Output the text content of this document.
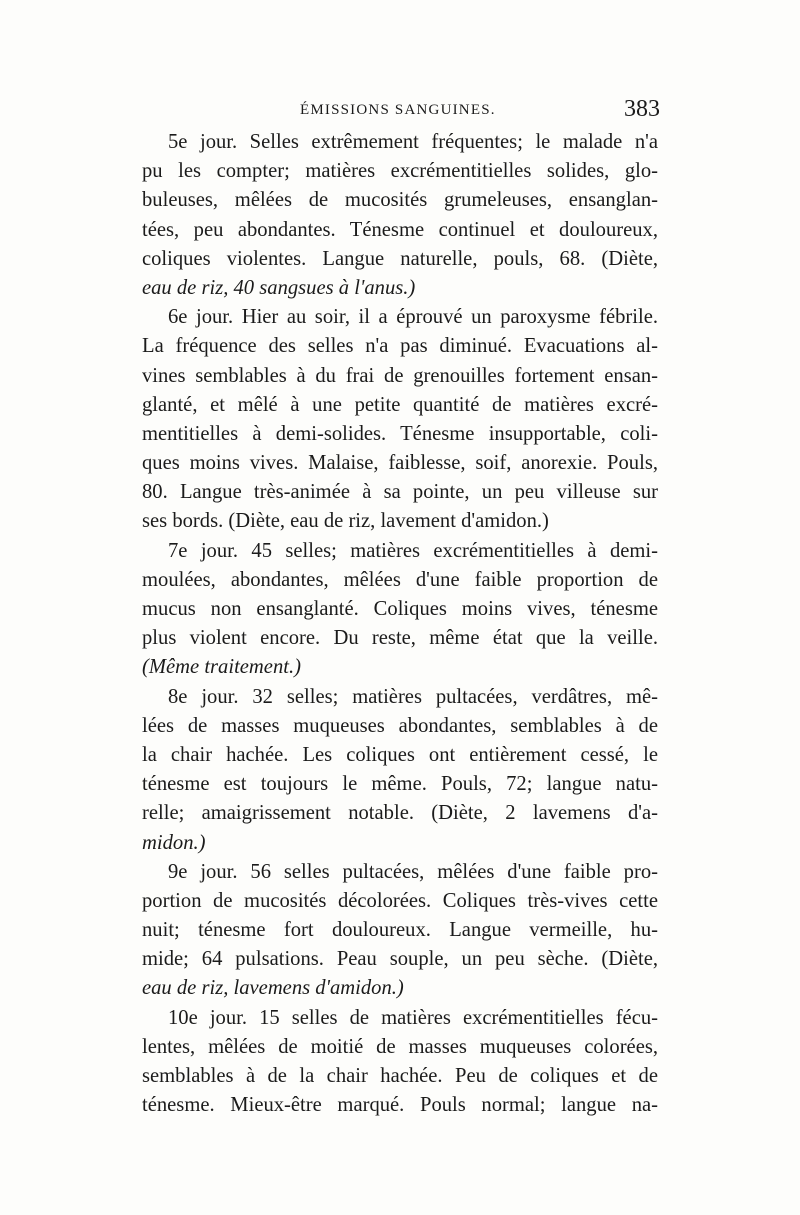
ÉMISSIONS SANGUINES.	383
5e jour. Selles extrêmement fréquentes; le malade n'a
pu les compter; matières excrémentitielles solides, glo-
buleuses, mêlées de mucosités grumeleuses, ensanglan-
tées, peu abondantes. Ténesme continuel et douloureux,
coliques violentes. Langue naturelle, pouls, 68. (Diète,
eau de riz, 40 sangsues à l'anus.)
6e jour. Hier au soir, il a éprouvé un paroxysme fébrile.
La fréquence des selles n'a pas diminué. Evacuations al-
vines semblables à du frai de grenouilles fortement ensan-
glanté, et mêlé à une petite quantité de matières excré-
mentitielles à demi-solides. Ténesme insupportable, coli-
ques moins vives. Malaise, faiblesse, soif, anorexie. Pouls,
80. Langue très-animée à sa pointe, un peu villeuse sur
ses bords. (Diète, eau de riz, lavement d'amidon.)
7e jour. 45 selles; matières excrémentitielles à demi-
moulées, abondantes, mêlées d'une faible proportion de
mucus non ensanglanté. Coliques moins vives, ténesme
plus violent encore. Du reste, même état que la veille.
(Même traitement.)
8e jour. 32 selles; matières pultacées, verdâtres, mê-
lées de masses muqueuses abondantes, semblables à de
la chair hachée. Les coliques ont entièrement cessé, le
ténesme est toujours le même. Pouls, 72; langue natu-
relle; amaigrissement notable. (Diète, 2 lavemens d'a-
midon.)
9e jour. 56 selles pultacées, mêlées d'une faible pro-
portion de mucosités décolorées. Coliques très-vives cette
nuit; ténesme fort douloureux. Langue vermeille, hu-
mide; 64 pulsations. Peau souple, un peu sèche. (Diète,
eau de riz, lavemens d'amidon.)
10e jour. 15 selles de matières excrémentitielles fécu-
lentes, mêlées de moitié de masses muqueuses colorées,
semblables à de la chair hachée. Peu de coliques et de
ténesme. Mieux-être marqué. Pouls normal; langue na-
